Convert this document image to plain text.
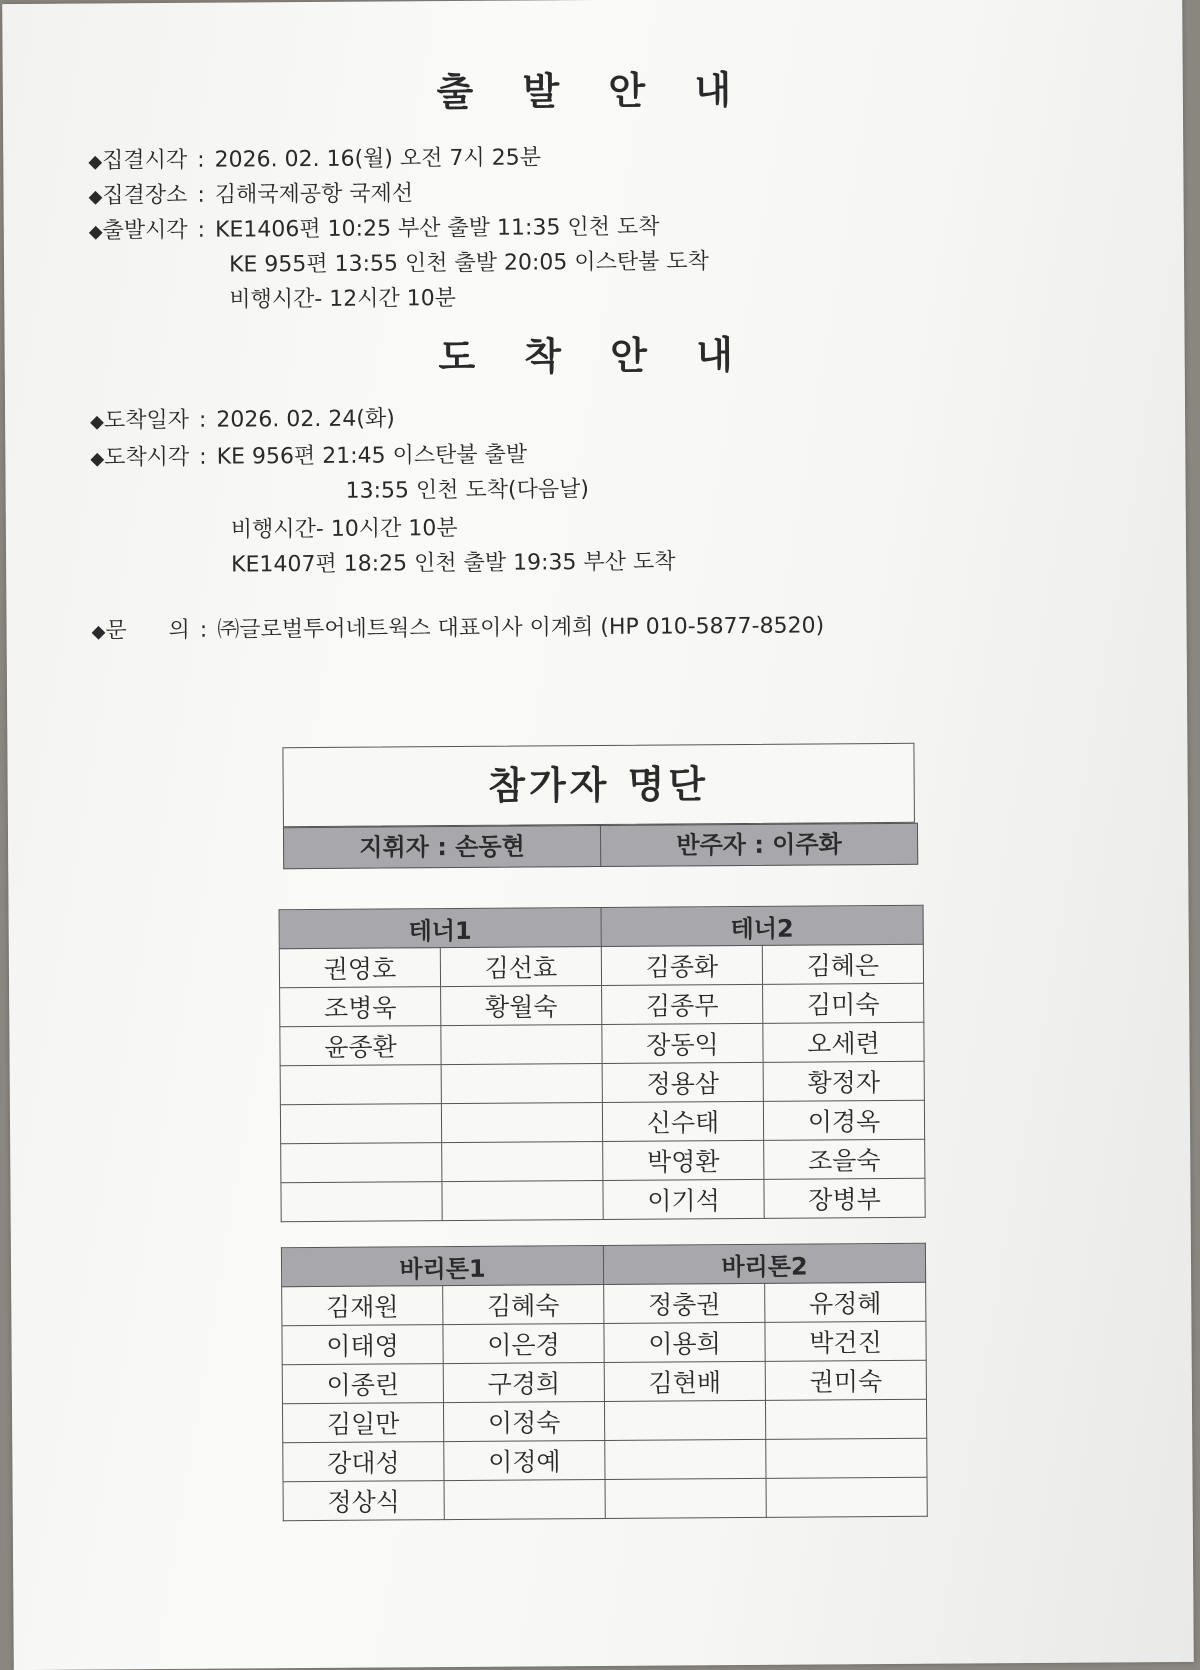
출 발 안 내
◆집결시각 : 2026. 02. 16(월) 오전 7시 25분
◆집결장소 : 김해국제공항 국제선
◆출발시각 : KE1406편 10:25 부산 출발 11:35 인천 도착
KE 955편 13:55 인천 출발 20:05 이스탄불 도착
비행시간- 12시간 10분
도 착 안 내
◆도착일자 : 2026. 02. 24(화)
◆도착시각 : KE 956편 21:45 이스탄불 출발
13:55 인천 도착(다음날)
비행시간- 10시간 10분
KE1407편 18:25 인천 출발 19:35 부산 도착
◆문      의 : ㈜글로벌투어네트웍스 대표이사 이계희 (HP 010-5877-8520)
참가자 명단
지휘자 : 손동현	반주자 : 이주화
테너1		테너2	
권영호	김선효	김종화	김혜은
조병욱	황월숙	김종무	김미숙
윤종환		장동익	오세련
		정용삼	황정자
		신수태	이경옥
		박영환	조을숙
		이기석	장병부
바리톤1		바리톤2	
김재원	김혜숙	정충권	유정혜
이태영	이은경	이용희	박건진
이종린	구경희	김현배	권미숙
김일만	이정숙		
강대성	이정예		
정상식			
